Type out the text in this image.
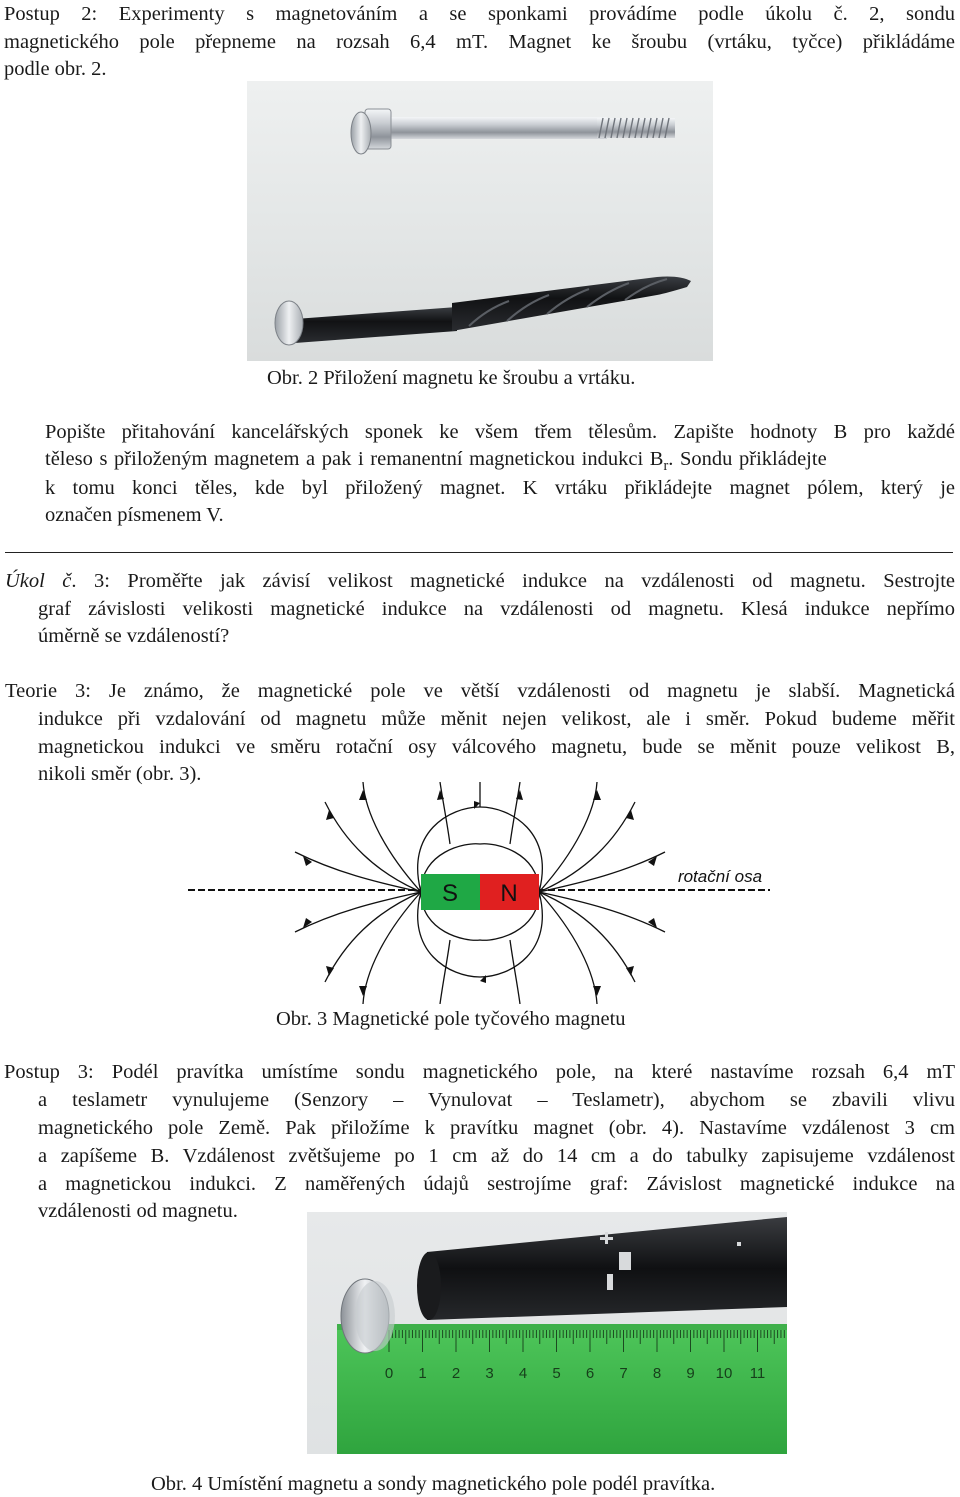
Postup 2: Experimenty s magnetováním a se sponkami provádíme podle úkolu č. 2, sondu
magnetického pole přepneme na rozsah 6,4 mT. Magnet ke šroubu (vrtáku, tyčce) přikládáme
podle obr. 2.
Obr. 2 Přiložení magnetu ke šroubu a vrtáku.
Popište přitahování kancelářských sponek ke všem třem tělesům. Zapište hodnoty B pro každé
těleso s přiloženým magnetem a pak i remanentní magnetickou indukci $B_r$. Sondu přikládejte
k tomu konci těles, kde byl přiložený magnet. K vrtáku přikládejte magnet pólem, který je
označen písmenem V.
Úkol č. 3: Proměřte jak závisí velikost magnetické indukce na vzdálenosti od magnetu. Sestrojte
graf závislosti velikosti magnetické indukce na vzdálenosti od magnetu. Klesá indukce nepřímo
úměrně se vzdáleností?
Teorie 3: Je známo, že magnetické pole ve větší vzdálenosti od magnetu je slabší. Magnetická
indukce při vzdalování od magnetu může měnit nejen velikost, ale i směr. Pokud budeme měřit
magnetickou indukci ve směru rotační osy válcového magnetu, bude se měnit pouze velikost B,
nikoli směr (obr. 3).
S N
rotační osa
Obr. 3 Magnetické pole tyčového magnetu
Postup 3: Podél pravítka umístíme sondu magnetického pole, na které nastavíme rozsah 6,4 mT
a teslametr vynulujeme (Senzory – Vynulovat – Teslametr), abychom se zbavili vlivu
magnetického pole Země. Pak přiložíme k pravítku magnet (obr. 4). Nastavíme vzdálenost 3 cm
a zapíšeme B. Vzdálenost zvětšujeme po 1 cm až do 14 cm a do tabulky zapisujeme vzdálenost
a magnetickou indukci. Z naměřených údajů sestrojíme graf: Závislost magnetické indukce na
vzdálenosti od magnetu.
0 1 2 3 4 5 6 7 8 9 10 11
Obr. 4 Umístění magnetu a sondy magnetického pole podél pravítka.
